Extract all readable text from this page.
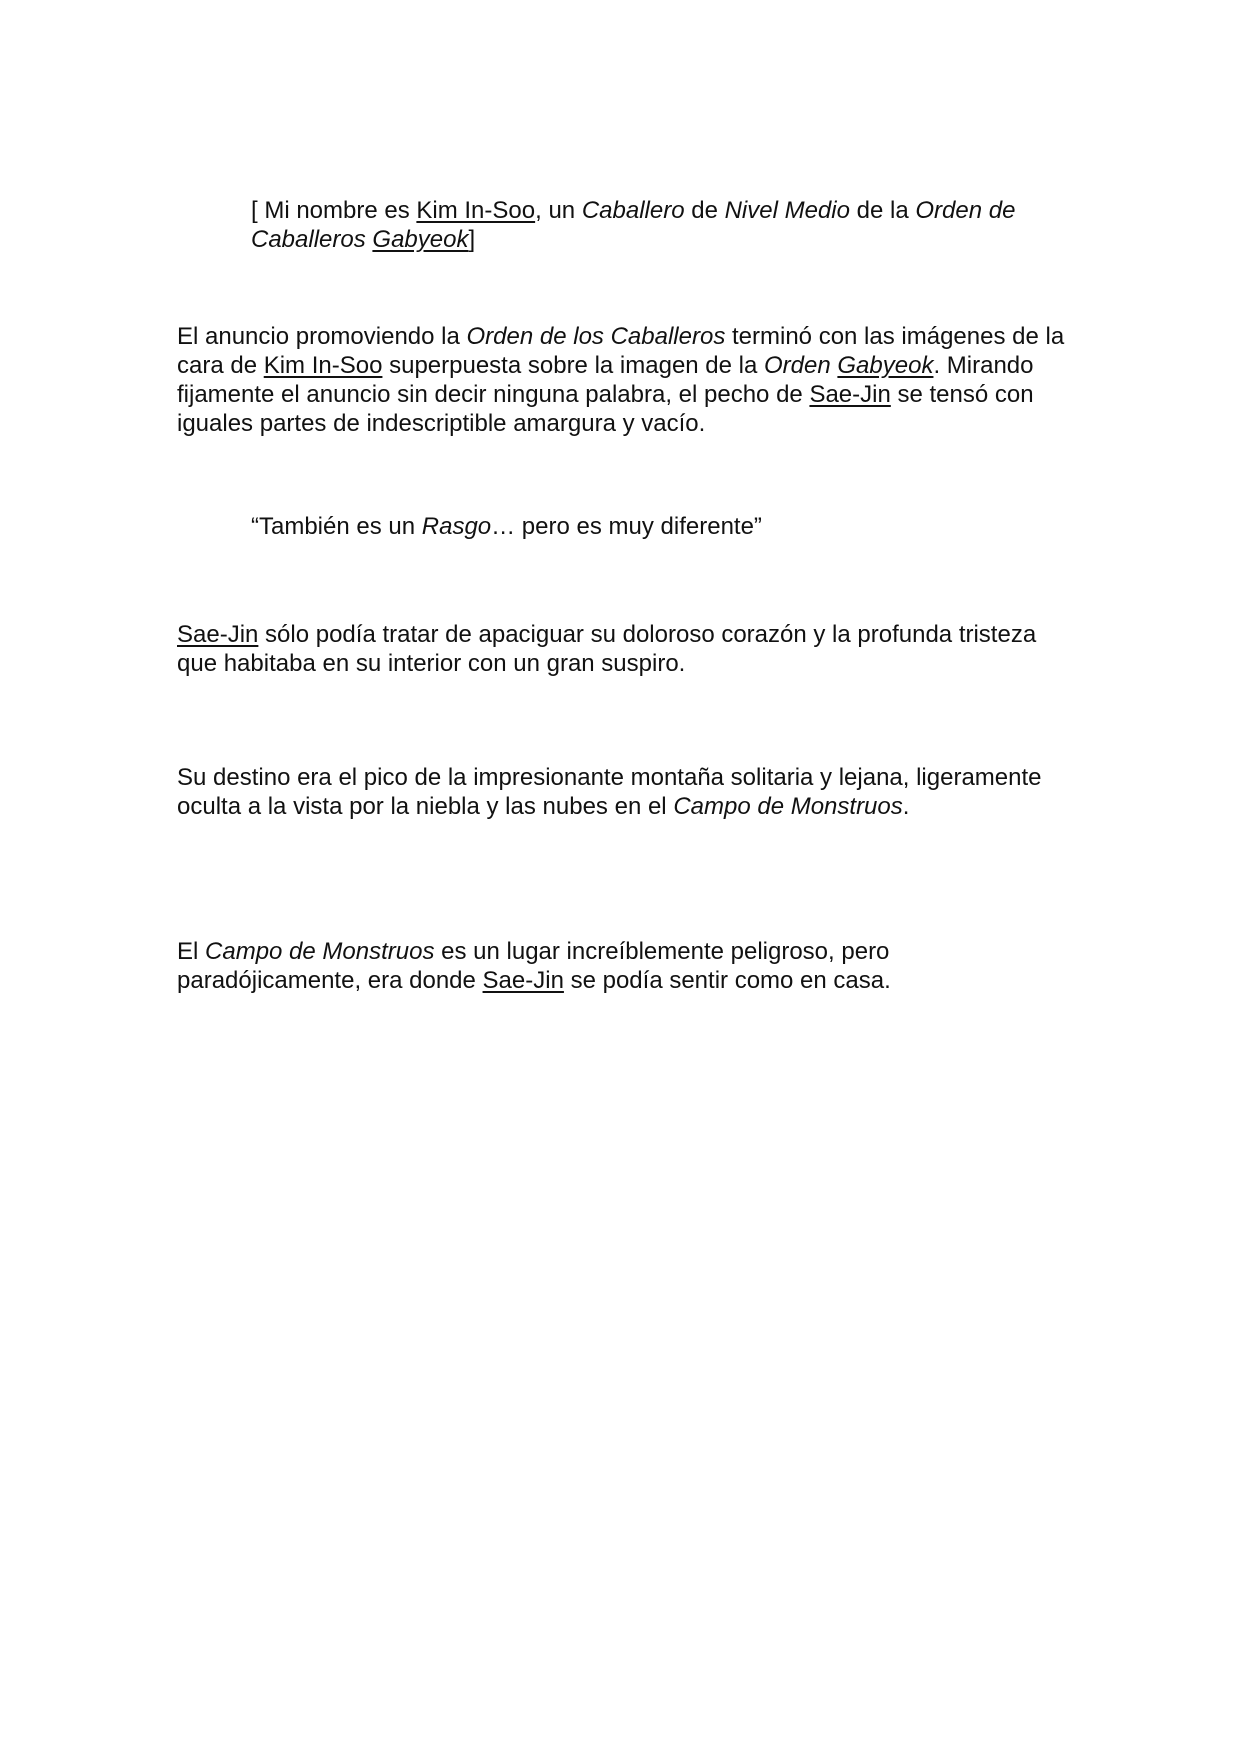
[ Mi nombre es Kim In-Soo, un Caballero de Nivel Medio de la Orden de Caballeros Gabyeok]

El anuncio promoviendo la Orden de los Caballeros terminó con las imágenes de la cara de Kim In-Soo superpuesta sobre la imagen de la Orden Gabyeok. Mirando fijamente el anuncio sin decir ninguna palabra, el pecho de Sae-Jin se tensó con iguales partes de indescriptible amargura y vacío.

“También es un Rasgo… pero es muy diferente”

Sae-Jin sólo podía tratar de apaciguar su doloroso corazón y la profunda tristeza que habitaba en su interior con un gran suspiro.

Su destino era el pico de la impresionante montaña solitaria y lejana, ligeramente oculta a la vista por la niebla y las nubes en el Campo de Monstruos.

El Campo de Monstruos es un lugar increíblemente peligroso, pero paradójicamente, era donde Sae-Jin se podía sentir como en casa.
